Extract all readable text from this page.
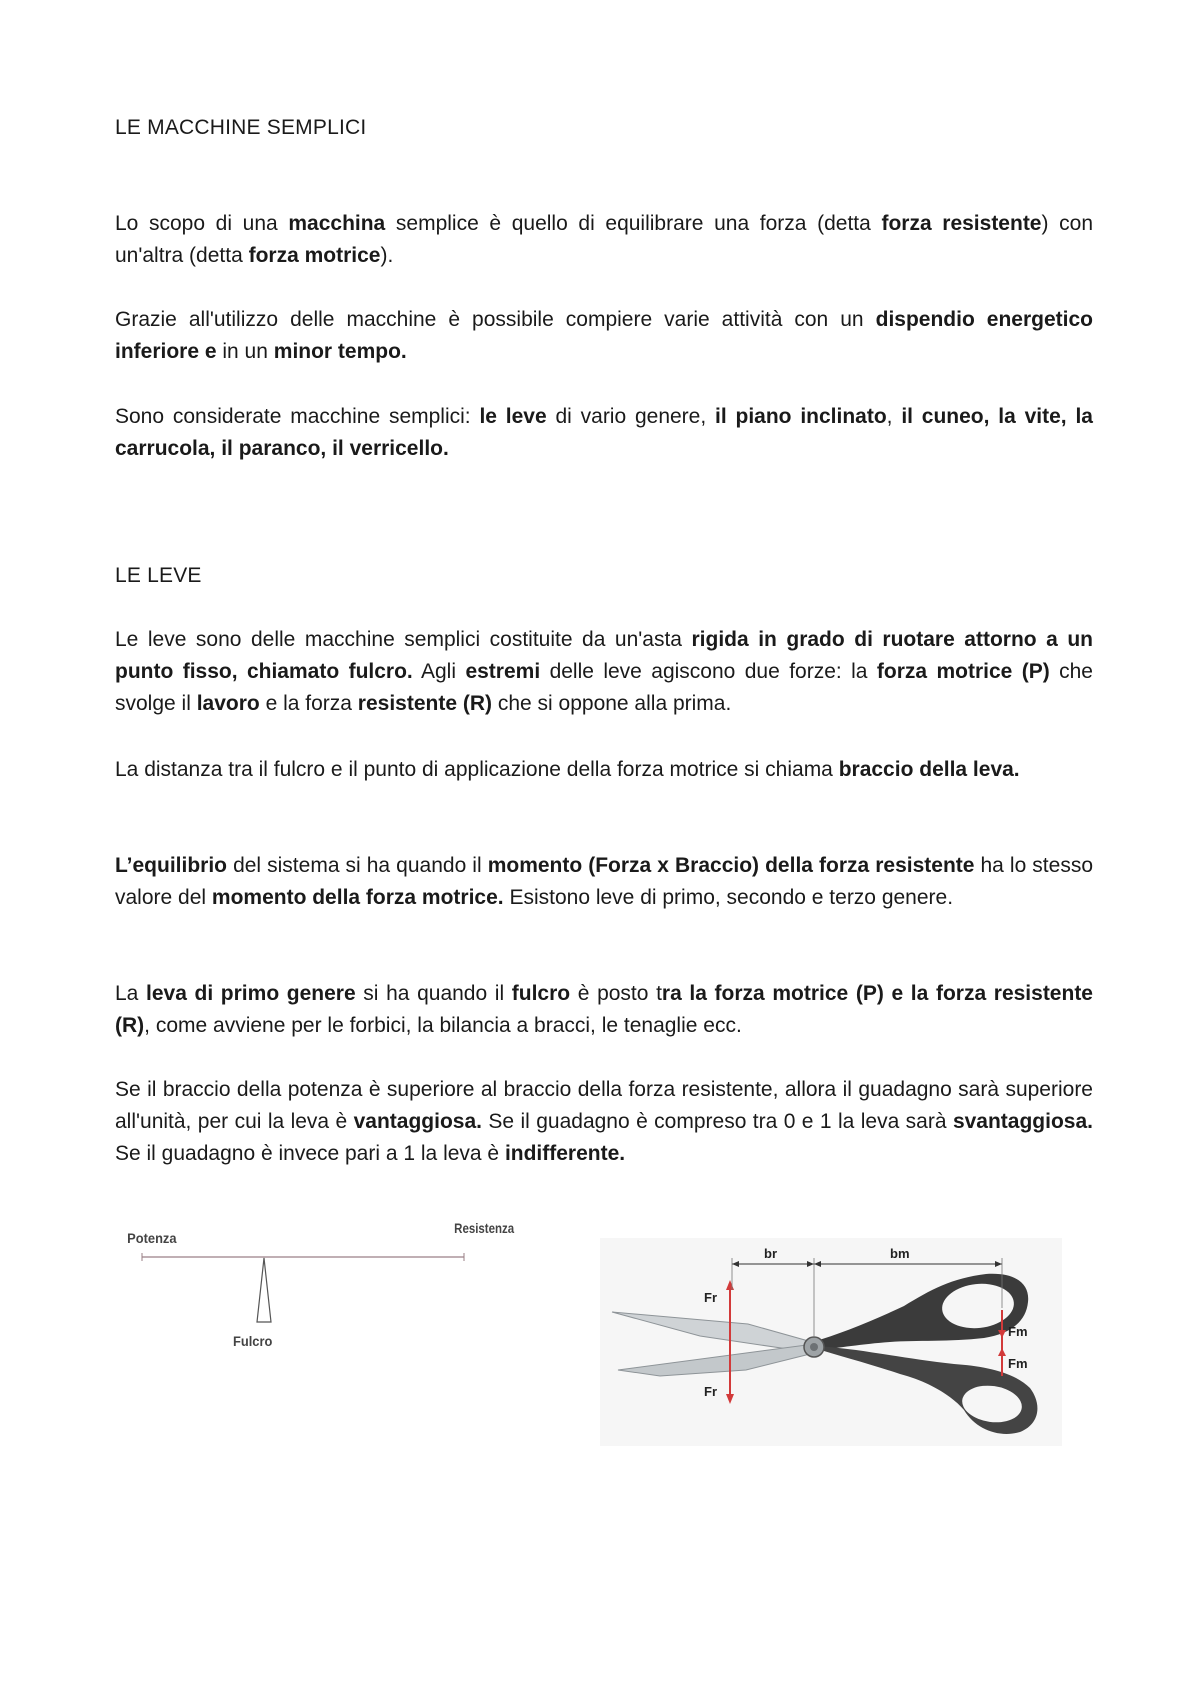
LE MACCHINE SEMPLICI

Lo scopo di una macchina semplice è quello di equilibrare una forza (detta forza resistente) con un'altra (detta forza motrice).

Grazie all'utilizzo delle macchine è possibile compiere varie attività con un dispendio energetico inferiore e in un minor tempo.

Sono considerate macchine semplici: le leve di vario genere, il piano inclinato, il cuneo, la vite, la carrucola, il paranco, il verricello.

LE LEVE

Le leve sono delle macchine semplici costituite da un'asta rigida in grado di ruotare attorno a un punto fisso, chiamato fulcro. Agli estremi delle leve agiscono due forze: la forza motrice (P) che svolge il lavoro e la forza resistente (R) che si oppone alla prima.

La distanza tra il fulcro e il punto di applicazione della forza motrice si chiama braccio della leva.

L’equilibrio del sistema si ha quando il momento (Forza x Braccio) della forza resistente ha lo stesso valore del momento della forza motrice. Esistono leve di primo, secondo e terzo genere.

La leva di primo genere si ha quando il fulcro è posto tra la forza motrice (P) e la forza resistente (R), come avviene per le forbici, la bilancia a bracci, le tenaglie ecc.

Se il braccio della potenza è superiore al braccio della forza resistente, allora il guadagno sarà superiore all'unità, per cui la leva è vantaggiosa. Se il guadagno è compreso tra 0 e 1 la leva sarà svantaggiosa. Se il guadagno è invece pari a 1 la leva è indifferente.

Potenza
Resistenza
Fulcro
br	bm
Fr
Fr
Fm
Fm
